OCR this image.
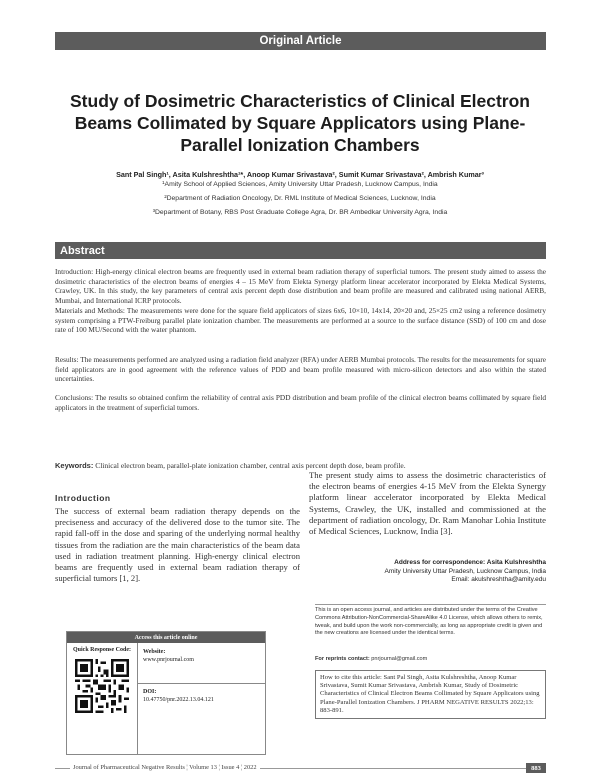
Original Article
Study of Dosimetric Characteristics of Clinical Electron Beams Collimated by Square Applicators using Plane-Parallel Ionization Chambers
Sant Pal Singh¹, Asita Kulshreshtha¹*, Anoop Kumar Srivastava², Sumit Kumar Srivastava², Ambrish Kumar³
¹Amity School of Applied Sciences, Amity University Uttar Pradesh, Lucknow Campus, India
²Department of Radiation Oncology, Dr. RML Institute of Medical Sciences, Lucknow, India
³Department of Botany, RBS Post Graduate College Agra, Dr. BR Ambedkar University Agra, India
Abstract

Introduction: High-energy clinical electron beams are frequently used in external beam radiation therapy of superficial tumors. The present study aimed to assess the dosimetric characteristics of the electron beams of energies 4 – 15 MeV from Elekta Synergy platform linear accelerator incorporated by Elekta Medical Systems, Crawley, UK. In this study, the key parameters of central axis percent depth dose distribution and beam profile are measured and calibrated using national AERB, Mumbai, and International ICRP protocols.

Materials and Methods: The measurements were done for the square field applicators of sizes 6x6, 10×10, 14x14, 20×20 and, 25×25 cm2 using a reference dosimetry system comprising a PTW-Freiburg parallel plate ionization chamber. The measurements are performed at a source to the surface distance (SSD) of 100 cm and dose rate of 100 MU/Second with the water phantom.

Results: The measurements performed are analyzed using a radiation field analyzer (RFA) under AERB Mumbai protocols. The results for the measurements for square field applicators are in good agreement with the reference values of PDD and beam profile measured with micro-silicon detectors and also within the stated uncertainties.

Conclusions: The results so obtained confirm the reliability of central axis PDD distribution and beam profile of the clinical electron beams collimated by square field applicators in the treatment of superficial tumors.

Keywords: Clinical electron beam, parallel-plate ionization chamber, central axis percent depth dose, beam profile.
Introduction

The success of external beam radiation therapy depends on the preciseness and accuracy of the delivered dose to the tumor site. The rapid fall-off in the dose and sparing of the underlying normal healthy tissues from the radiation are the main characteristics of the beam data used in radiation treatment planning. High-energy clinical electron beams are frequently used in external beam radiation therapy of superficial tumors [1, 2].

The present study aims to assess the dosimetric characteristics of the electron beams of energies 4-15 MeV from the Elekta Synergy platform linear accelerator incorporated by Elekta Medical Systems, Crawley, the UK, installed and commissioned at the department of radiation oncology, Dr. Ram Manohar Lohia Institute of Medical Sciences, Lucknow, India [3].

Address for correspondence: Asita Kulshreshtha
Amity University Uttar Pradesh, Lucknow Campus, India
Email: akulshreshtha@amity.edu

This is an open access journal, and articles are distributed under the terms of the Creative Commons Attribution-NonCommercial-ShareAlike 4.0 License, which allows others to remix, tweak, and build upon the work non-commercially, as long as appropriate credit is given and the new creations are licensed under the identical terms.

For reprints contact: pnrjournal@gmail.com

How to cite this article: Sant Pal Singh, Asita Kulshreshtha, Anoop Kumar Srivastava, Sumit Kumar Srivastava, Ambrish Kumar, Study of Dosimetric Characteristics of Clinical Electron Beams Collimated by Square Applicators using Plane-Parallel Ionization Chambers. J PHARM NEGATIVE RESULTS 2022;13: 883-891.

Access this article online
Quick Response Code:	Website:
www.pnrjournal.com
DOI:
10.47750/pnr.2022.13.04.121
Journal of Pharmaceutical Negative Results ¦ Volume 13 ¦ Issue 4 ¦ 2022	883
